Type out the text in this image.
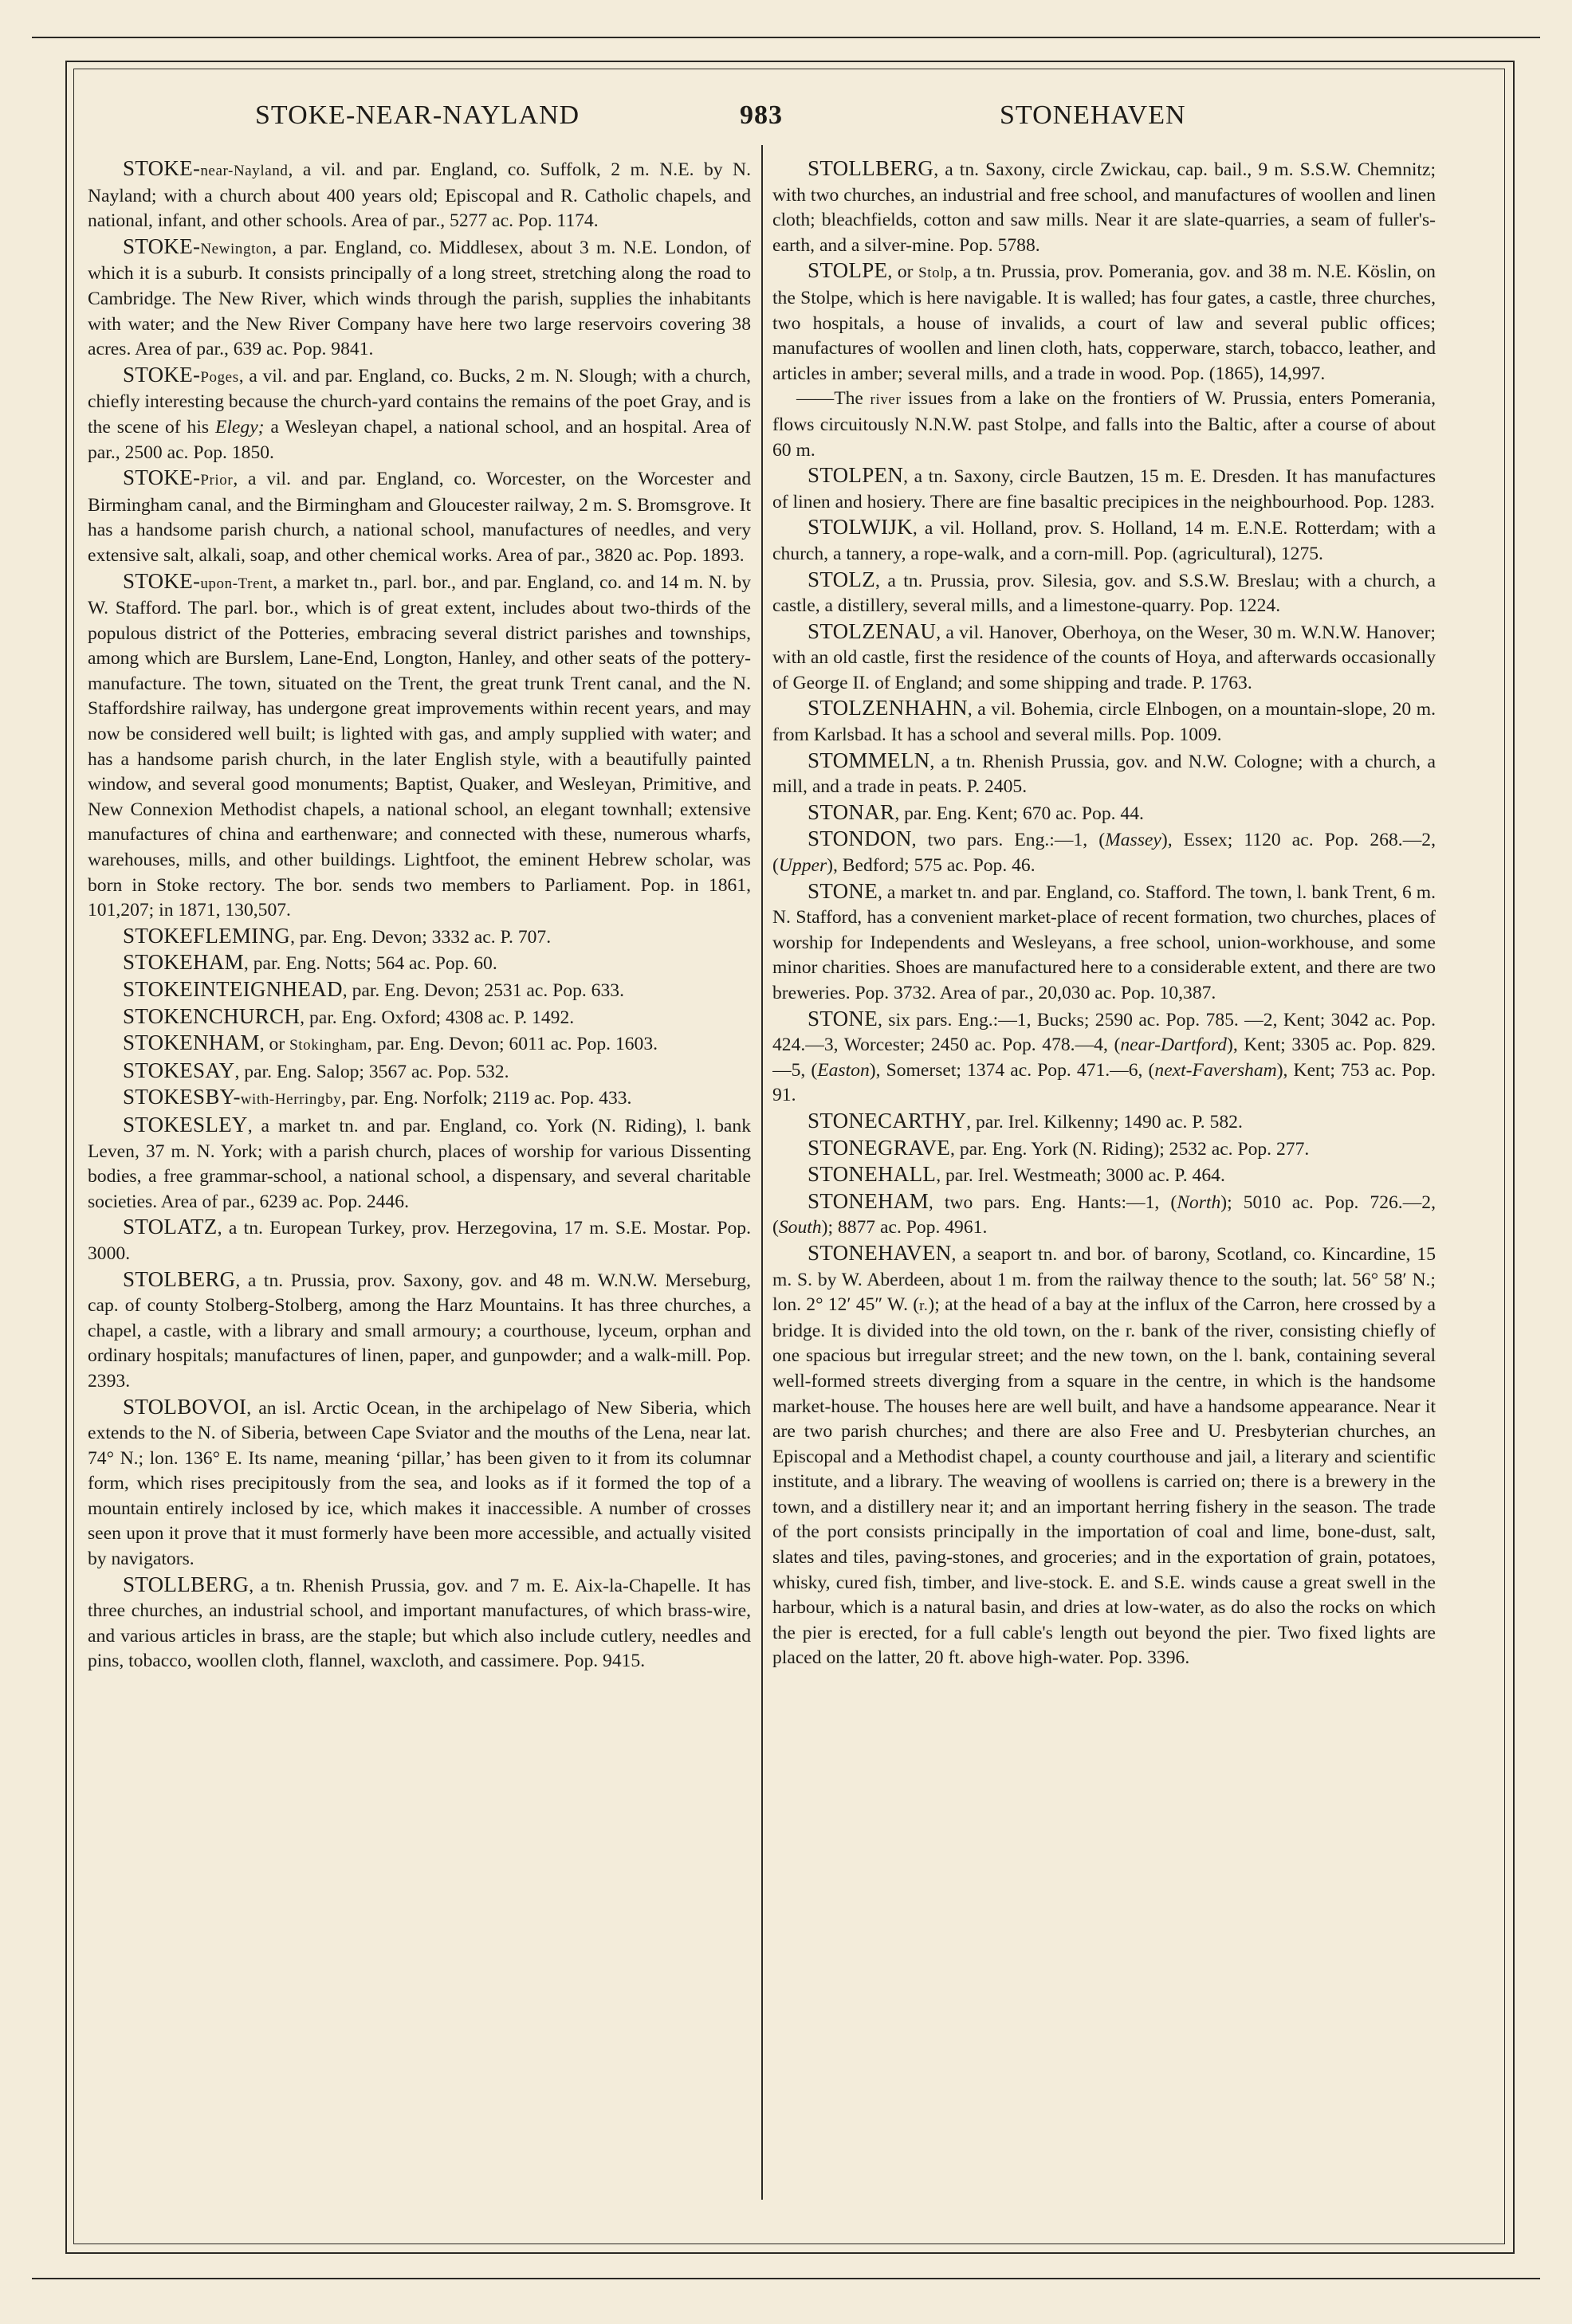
STOKE-NEAR-NAYLAND	983	STONEHAVEN

STOKE-near-Nayland, a vil. and par. England, co. Suffolk, 2 m. N.E. by N. Nayland; with a church about 400 years old; Episcopal and R. Catholic chapels, and national, infant, and other schools. Area of par., 5277 ac. Pop. 1174.

STOKE-Newington, a par. England, co. Middlesex, about 3 m. N.E. London, of which it is a suburb. It consists principally of a long street, stretching along the road to Cambridge. The New River, which winds through the parish, supplies the inhabitants with water; and the New River Company have here two large reservoirs covering 38 acres. Area of par., 639 ac. Pop. 9841.

STOKE-Poges, a vil. and par. England, co. Bucks, 2 m. N. Slough; with a church, chiefly interesting because the church-yard contains the remains of the poet Gray, and is the scene of his Elegy; a Wesleyan chapel, a national school, and an hospital. Area of par., 2500 ac. Pop. 1850.

STOKE-Prior, a vil. and par. England, co. Worcester, on the Worcester and Birmingham canal, and the Birmingham and Gloucester railway, 2 m. S. Bromsgrove. It has a handsome parish church, a national school, manufactures of needles, and very extensive salt, alkali, soap, and other chemical works. Area of par., 3820 ac. Pop. 1893.

STOKE-upon-Trent, a market tn., parl. bor., and par. England, co. and 14 m. N. by W. Stafford. The parl. bor., which is of great extent, includes about two-thirds of the populous district of the Potteries, embracing several district parishes and townships, among which are Burslem, Lane-End, Longton, Hanley, and other seats of the pottery-manufacture. The town, situated on the Trent, the great trunk Trent canal, and the N. Staffordshire railway, has undergone great improvements within recent years, and may now be considered well built; is lighted with gas, and amply supplied with water; and has a handsome parish church, in the later English style, with a beautifully painted window, and several good monuments; Baptist, Quaker, and Wesleyan, Primitive, and New Connexion Methodist chapels, a national school, an elegant townhall; extensive manufactures of china and earthenware; and connected with these, numerous wharfs, warehouses, mills, and other buildings. Lightfoot, the eminent Hebrew scholar, was born in Stoke rectory. The bor. sends two members to Parliament. Pop. in 1861, 101,207; in 1871, 130,507.

STOKEFLEMING, par. Eng. Devon; 3332 ac. P. 707.

STOKEHAM, par. Eng. Notts; 564 ac. Pop. 60.

STOKEINTEIGNHEAD, par. Eng. Devon; 2531 ac. Pop. 633.

STOKENCHURCH, par. Eng. Oxford; 4308 ac. P. 1492.

STOKENHAM, or Stokingham, par. Eng. Devon; 6011 ac. Pop. 1603.

STOKESAY, par. Eng. Salop; 3567 ac. Pop. 532.

STOKESBY-with-Herringby, par. Eng. Norfolk; 2119 ac. Pop. 433.

STOKESLEY, a market tn. and par. England, co. York (N. Riding), l. bank Leven, 37 m. N. York; with a parish church, places of worship for various Dissenting bodies, a free grammar-school, a national school, a dispensary, and several charitable societies. Area of par., 6239 ac. Pop. 2446.

STOLATZ, a tn. European Turkey, prov. Herzegovina, 17 m. S.E. Mostar. Pop. 3000.

STOLBERG, a tn. Prussia, prov. Saxony, gov. and 48 m. W.N.W. Merseburg, cap. of county Stolberg-Stolberg, among the Harz Mountains. It has three churches, a chapel, a castle, with a library and small armoury; a courthouse, lyceum, orphan and ordinary hospitals; manufactures of linen, paper, and gunpowder; and a walk-mill. Pop. 2393.

STOLBOVOI, an isl. Arctic Ocean, in the archipelago of New Siberia, which extends to the N. of Siberia, between Cape Sviator and the mouths of the Lena, near lat. 74° N.; lon. 136° E. Its name, meaning ‘pillar,’ has been given to it from its columnar form, which rises precipitously from the sea, and looks as if it formed the top of a mountain entirely inclosed by ice, which makes it inaccessible. A number of crosses seen upon it prove that it must formerly have been more accessible, and actually visited by navigators.

STOLLBERG, a tn. Rhenish Prussia, gov. and 7 m. E. Aix-la-Chapelle. It has three churches, an industrial school, and important manufactures, of which brass-wire, and various articles in brass, are the staple; but which also include cutlery, needles and pins, tobacco, woollen cloth, flannel, waxcloth, and cassimere. Pop. 9415.

STOLLBERG, a tn. Saxony, circle Zwickau, cap. bail., 9 m. S.S.W. Chemnitz; with two churches, an industrial and free school, and manufactures of woollen and linen cloth; bleachfields, cotton and saw mills. Near it are slate-quarries, a seam of fuller's-earth, and a silver-mine. Pop. 5788.

STOLPE, or Stolp, a tn. Prussia, prov. Pomerania, gov. and 38 m. N.E. Köslin, on the Stolpe, which is here navigable. It is walled; has four gates, a castle, three churches, two hospitals, a house of invalids, a court of law and several public offices; manufactures of woollen and linen cloth, hats, copperware, starch, tobacco, leather, and articles in amber; several mills, and a trade in wood. Pop. (1865), 14,997.

——The river issues from a lake on the frontiers of W. Prussia, enters Pomerania, flows circuitously N.N.W. past Stolpe, and falls into the Baltic, after a course of about 60 m.

STOLPEN, a tn. Saxony, circle Bautzen, 15 m. E. Dresden. It has manufactures of linen and hosiery. There are fine basaltic precipices in the neighbourhood. Pop. 1283.

STOLWIJK, a vil. Holland, prov. S. Holland, 14 m. E.N.E. Rotterdam; with a church, a tannery, a rope-walk, and a corn-mill. Pop. (agricultural), 1275.

STOLZ, a tn. Prussia, prov. Silesia, gov. and S.S.W. Breslau; with a church, a castle, a distillery, several mills, and a limestone-quarry. Pop. 1224.

STOLZENAU, a vil. Hanover, Oberhoya, on the Weser, 30 m. W.N.W. Hanover; with an old castle, first the residence of the counts of Hoya, and afterwards occasionally of George II. of England; and some shipping and trade. P. 1763.

STOLZENHAHN, a vil. Bohemia, circle Elnbogen, on a mountain-slope, 20 m. from Karlsbad. It has a school and several mills. Pop. 1009.

STOMMELN, a tn. Rhenish Prussia, gov. and N.W. Cologne; with a church, a mill, and a trade in peats. P. 2405.

STONAR, par. Eng. Kent; 670 ac. Pop. 44.

STONDON, two pars. Eng.:—1, (Massey), Essex; 1120 ac. Pop. 268.—2, (Upper), Bedford; 575 ac. Pop. 46.

STONE, a market tn. and par. England, co. Stafford. The town, l. bank Trent, 6 m. N. Stafford, has a convenient market-place of recent formation, two churches, places of worship for Independents and Wesleyans, a free school, union-workhouse, and some minor charities. Shoes are manufactured here to a considerable extent, and there are two breweries. Pop. 3732. Area of par., 20,030 ac. Pop. 10,387.

STONE, six pars. Eng.:—1, Bucks; 2590 ac. Pop. 785. —2, Kent; 3042 ac. Pop. 424.—3, Worcester; 2450 ac. Pop. 478.—4, (near-Dartford), Kent; 3305 ac. Pop. 829. —5, (Easton), Somerset; 1374 ac. Pop. 471.—6, (next-Faversham), Kent; 753 ac. Pop. 91.

STONECARTHY, par. Irel. Kilkenny; 1490 ac. P. 582.

STONEGRAVE, par. Eng. York (N. Riding); 2532 ac. Pop. 277.

STONEHALL, par. Irel. Westmeath; 3000 ac. P. 464.

STONEHAM, two pars. Eng. Hants:—1, (North); 5010 ac. Pop. 726.—2, (South); 8877 ac. Pop. 4961.

STONEHAVEN, a seaport tn. and bor. of barony, Scotland, co. Kincardine, 15 m. S. by W. Aberdeen, about 1 m. from the railway thence to the south; lat. 56° 58′ N.; lon. 2° 12′ 45″ W. (r.); at the head of a bay at the influx of the Carron, here crossed by a bridge. It is divided into the old town, on the r. bank of the river, consisting chiefly of one spacious but irregular street; and the new town, on the l. bank, containing several well-formed streets diverging from a square in the centre, in which is the handsome market-house. The houses here are well built, and have a handsome appearance. Near it are two parish churches; and there are also Free and U. Presbyterian churches, an Episcopal and a Methodist chapel, a county courthouse and jail, a literary and scientific institute, and a library. The weaving of woollens is carried on; there is a brewery in the town, and a distillery near it; and an important herring fishery in the season. The trade of the port consists principally in the importation of coal and lime, bone-dust, salt, slates and tiles, paving-stones, and groceries; and in the exportation of grain, potatoes, whisky, cured fish, timber, and live-stock. E. and S.E. winds cause a great swell in the harbour, which is a natural basin, and dries at low-water, as do also the rocks on which the pier is erected, for a full cable's length out beyond the pier. Two fixed lights are placed on the latter, 20 ft. above high-water. Pop. 3396.
